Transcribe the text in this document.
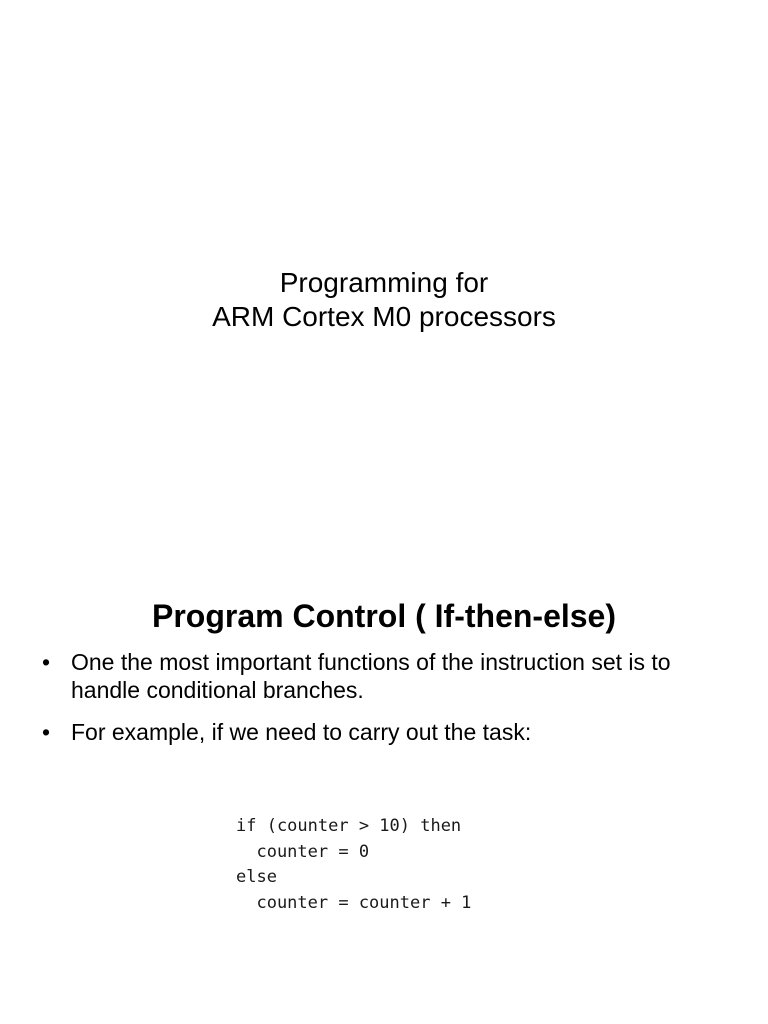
Programming for
ARM Cortex M0 processors
Program Control ( If-then-else)
• One the most important functions of the instruction set is to handle conditional branches.
• For example, if we need to carry out the task:
if (counter > 10) then
counter = 0
else
counter = counter + 1
